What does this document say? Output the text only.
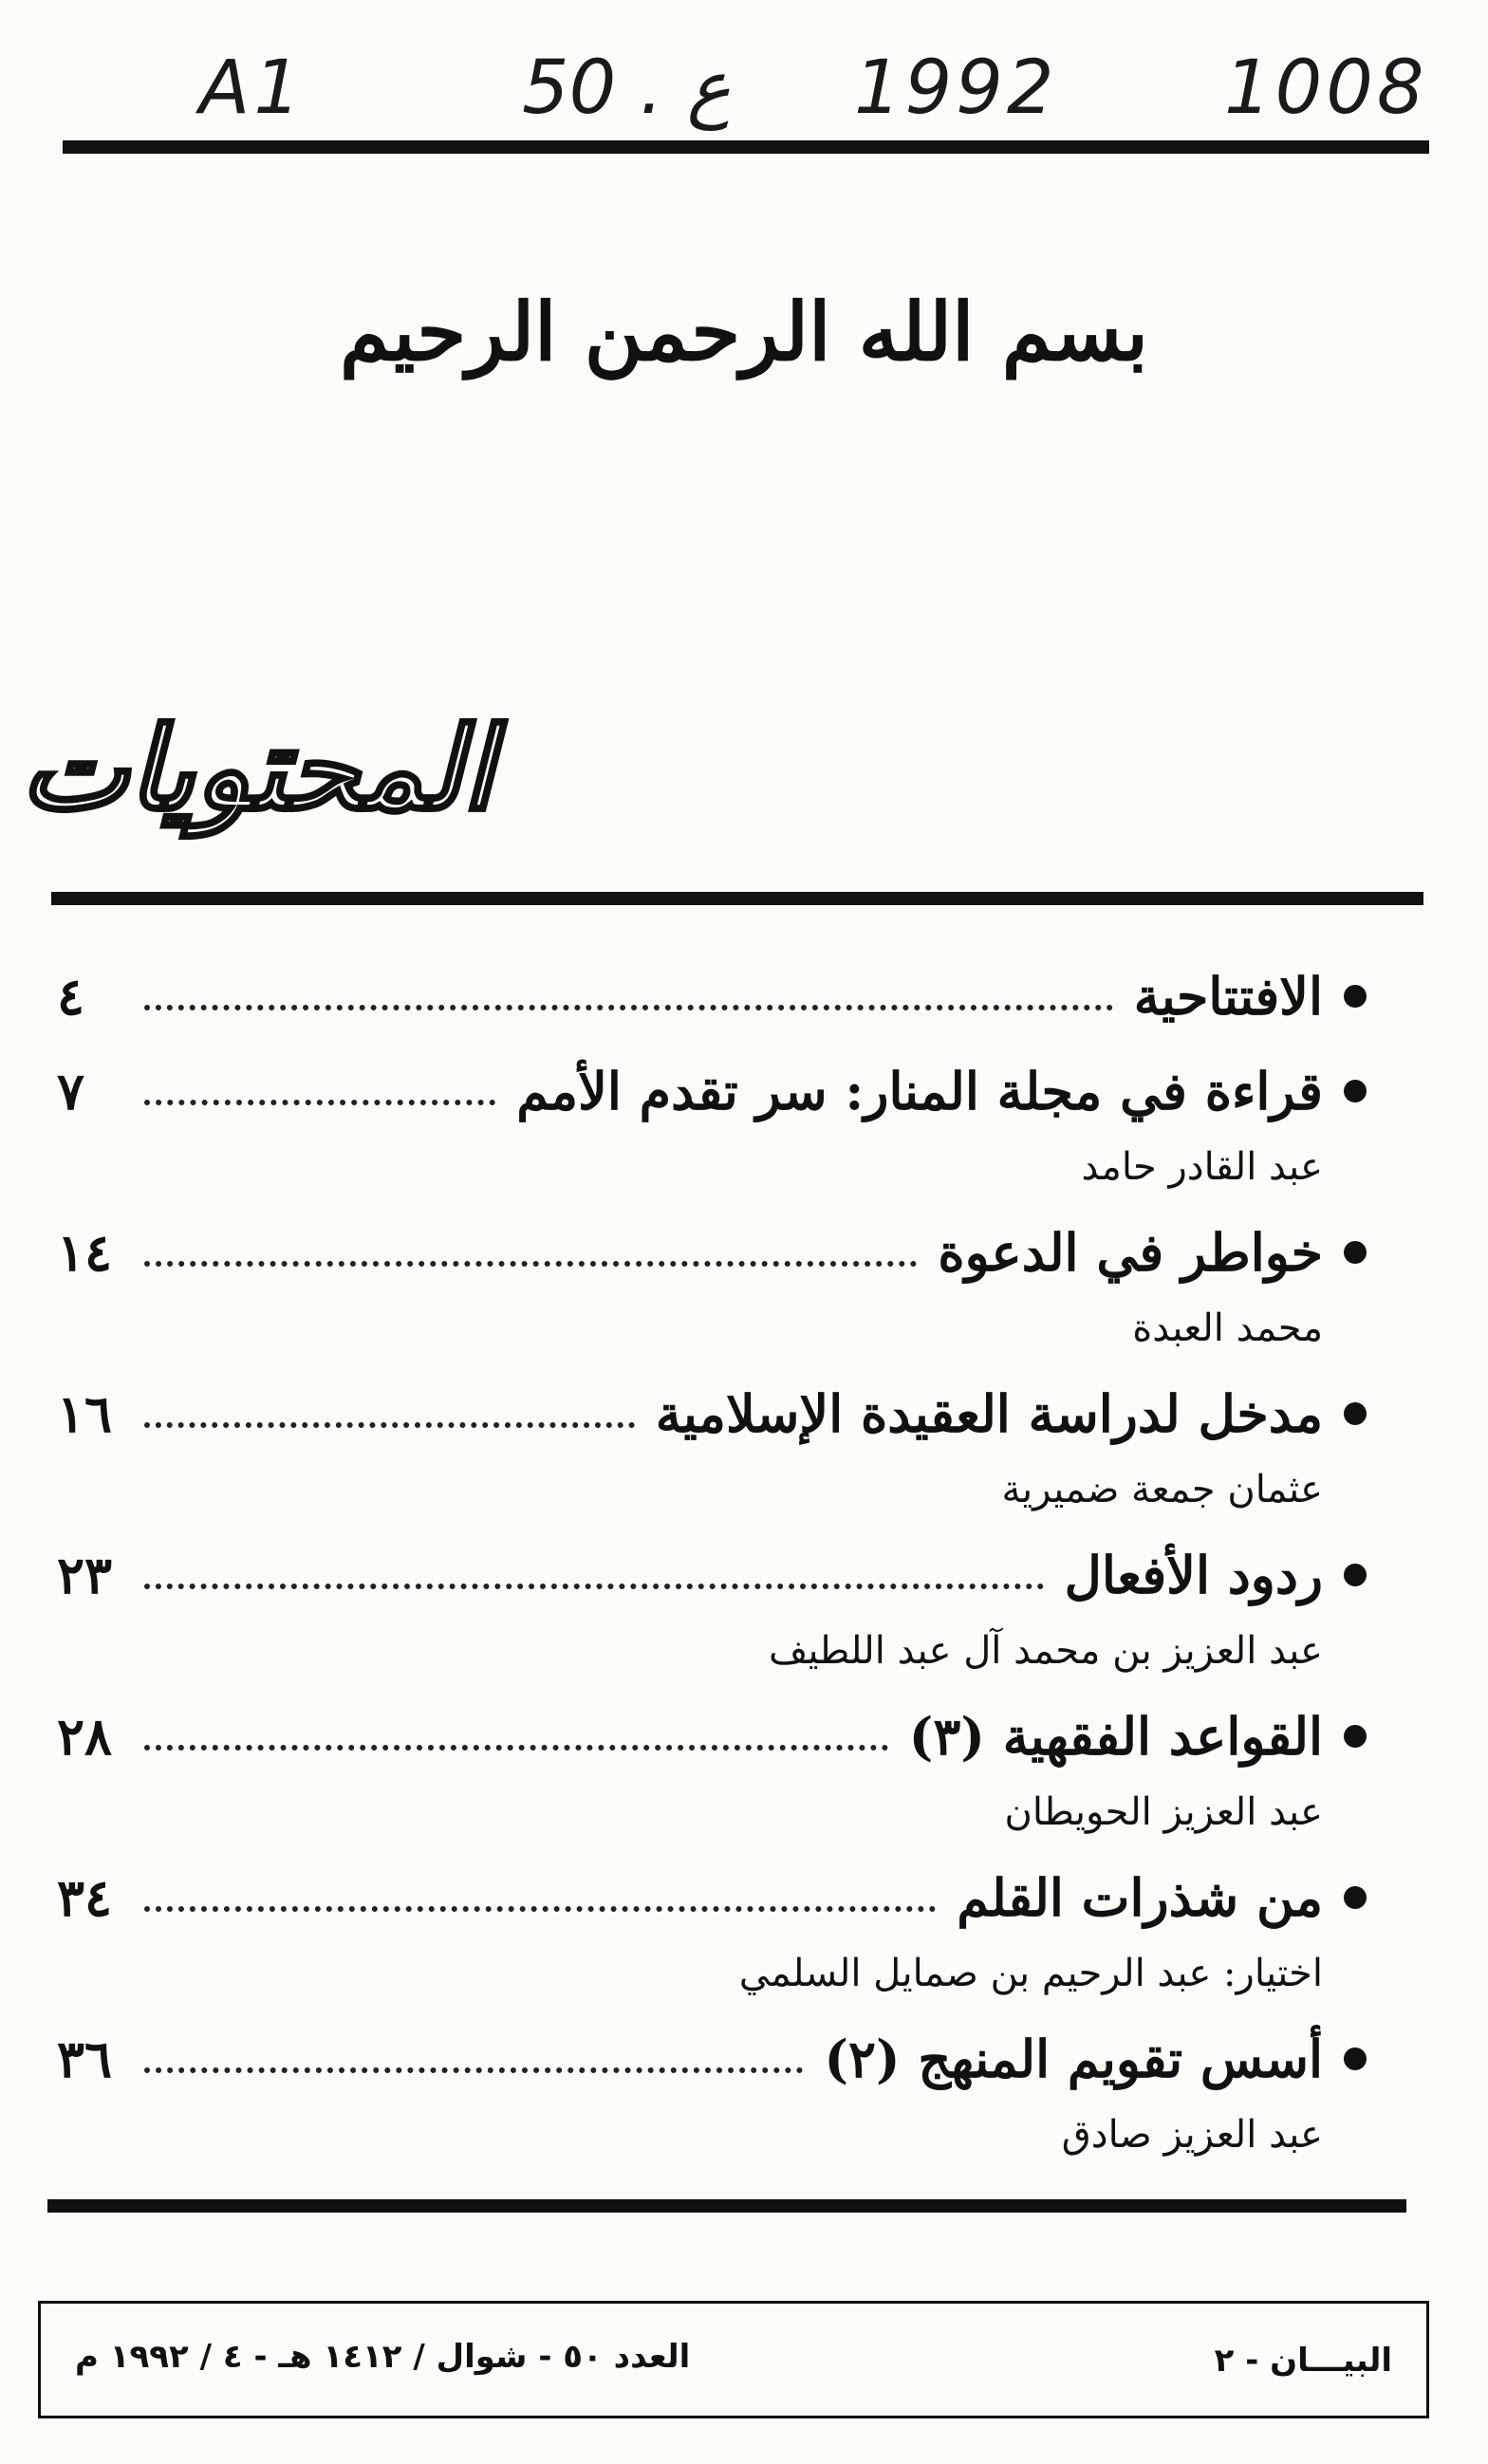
A1	50 . ع 1992 1008
بسم الله الرحمن الرحيم
المحتويات
الافتتاحية
٤
قراءة في مجلة المنار: سر تقدم الأمم
٧
عبد القادر حامد
خواطر في الدعوة
١٤
محمد العبدة
مدخل لدراسة العقيدة الإسلامية
١٦
عثمان جمعة ضميرية
ردود الأفعال
٢٣
عبد العزيز بن محمد آل عبد اللطيف
القواعد الفقهية (٣)
٢٨
عبد العزيز الحويطان
من شذرات القلم
٣٤
اختيار: عبد الرحيم بن صمايل السلمي
أسس تقويم المنهج (٢)
٣٦
عبد العزيز صادق
العدد ٥٠ - شوال / ١٤١٢ هـ - ٤ / ١٩٩٢ م	البيـــان - ٢
